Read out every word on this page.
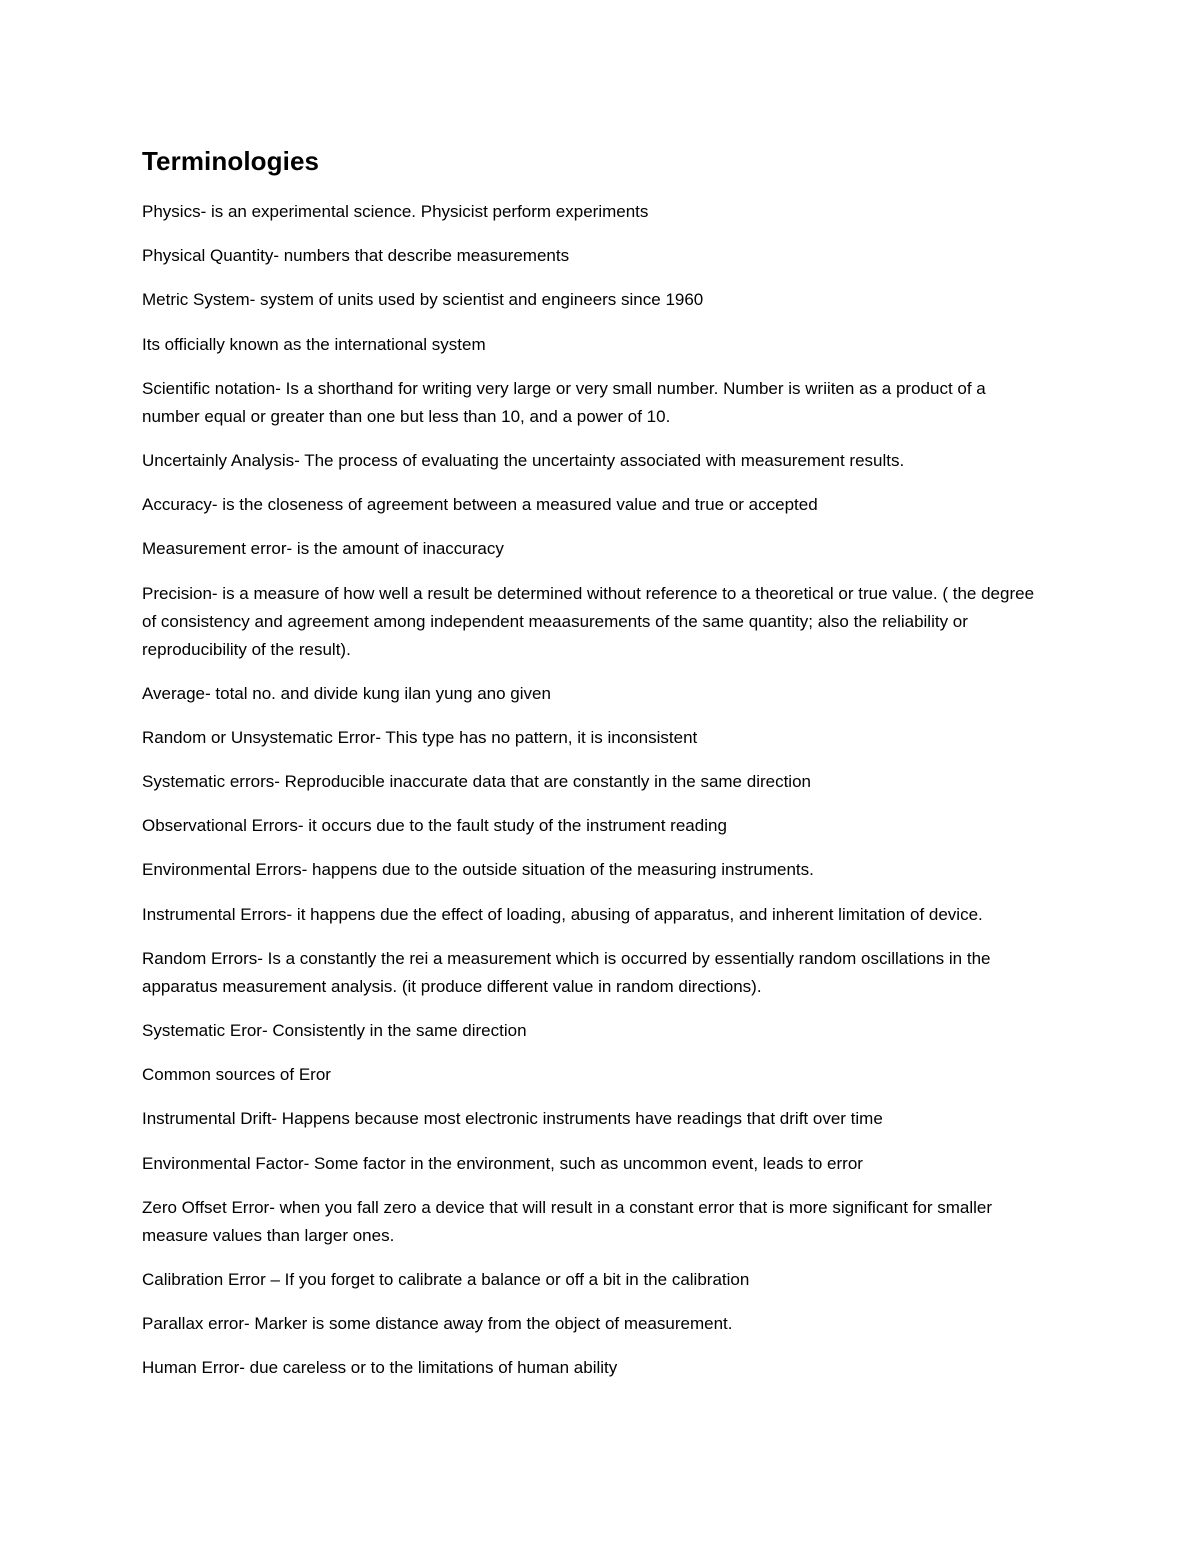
Terminologies

Physics- is an experimental science. Physicist perform experiments

Physical Quantity- numbers that describe measurements

Metric System- system of units used by scientist and engineers since 1960

Its officially known as the international system

Scientific notation- Is a shorthand for writing very large or very small number. Number is wriiten as a product of a number equal or greater than one but less than 10, and a power of 10.

Uncertainly Analysis- The process of evaluating the uncertainty associated with measurement results.

Accuracy- is the closeness of agreement between a measured value and true or accepted

Measurement error- is the amount of inaccuracy

Precision- is a measure of how well a result be determined without reference to a theoretical or true value. ( the degree of consistency and agreement among independent meaasurements of the same quantity; also the reliability or reproducibility of the result).

Average- total no. and divide kung ilan yung ano given

Random or Unsystematic Error- This type has no pattern, it is inconsistent

Systematic errors- Reproducible inaccurate data that are constantly in the same direction

Observational Errors- it occurs due to the fault study of the instrument reading

Environmental Errors- happens due to the outside situation of the measuring instruments.

Instrumental Errors- it happens due the effect of loading, abusing of apparatus, and inherent limitation of device.

Random Errors- Is a constantly the rei a measurement which is occurred by essentially random oscillations in the apparatus measurement analysis. (it produce different value in random directions).

Systematic Eror- Consistently in the same direction

Common sources of Eror

Instrumental Drift- Happens because most electronic instruments have readings that drift over time

Environmental Factor- Some factor in the environment, such as uncommon event, leads to error

Zero Offset Error- when you fall zero a device that will result in a constant error that is more significant for smaller measure values than larger ones.

Calibration Error – If you forget to calibrate a balance or off a bit in the calibration

Parallax error- Marker is some distance away from the object of measurement.

Human Error- due careless or to the limitations of human ability
